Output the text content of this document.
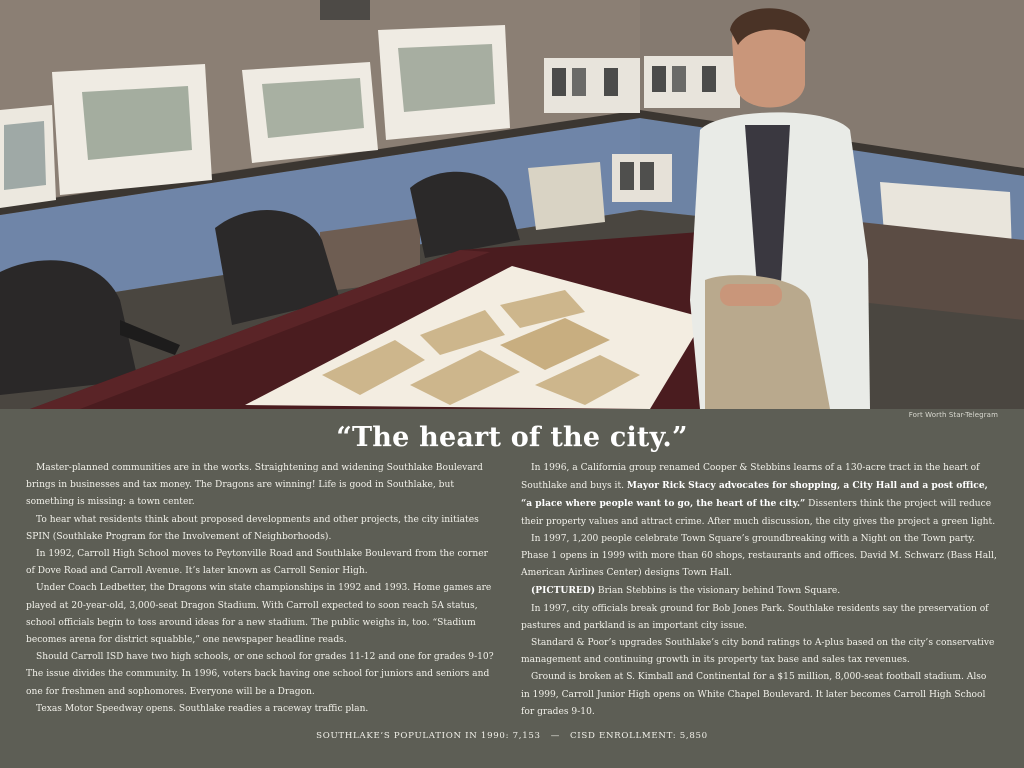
Fort Worth Star-Telegram
“The heart of the city.”

Master-planned communities are in the works. Straightening and widening Southlake Boulevard brings in businesses and tax money. The Dragons are winning! Life is good in Southlake, but something is missing: a town center.

To hear what residents think about proposed developments and other projects, the city initiates SPIN (Southlake Program for the Involvement of Neighborhoods).

In 1992, Carroll High School moves to Peytonville Road and Southlake Boulevard from the corner of Dove Road and Carroll Avenue. It’s later known as Carroll Senior High.

Under Coach Ledbetter, the Dragons win state championships in 1992 and 1993. Home games are played at 20-year-old, 3,000-seat Dragon Stadium. With Carroll expected to soon reach 5A status, school officials begin to toss around ideas for a new stadium. The public weighs in, too. “Stadium becomes arena for district squabble,” one newspaper headline reads.

Should Carroll ISD have two high schools, or one school for grades 11-12 and one for grades 9-10? The issue divides the community. In 1996, voters back having one school for juniors and seniors and one for freshmen and sophomores. Everyone will be a Dragon.

Texas Motor Speedway opens. Southlake readies a raceway traffic plan.

In 1996, a California group renamed Cooper & Stebbins learns of a 130-acre tract in the heart of Southlake and buys it. Mayor Rick Stacy advocates for shopping, a City Hall and a post office, “a place where people want to go, the heart of the city.” Dissenters think the project will reduce their property values and attract crime. After much discussion, the city gives the project a green light.

In 1997, 1,200 people celebrate Town Square’s groundbreaking with a Night on the Town party. Phase 1 opens in 1999 with more than 60 shops, restaurants and offices. David M. Schwarz (Bass Hall, American Airlines Center) designs Town Hall.

(PICTURED) Brian Stebbins is the visionary behind Town Square.

In 1997, city officials break ground for Bob Jones Park. Southlake residents say the preservation of pastures and parkland is an important city issue.

Standard & Poor’s upgrades Southlake’s city bond ratings to A-plus based on the city’s conservative management and continuing growth in its property tax base and sales tax revenues.

Ground is broken at S. Kimball and Continental for a $15 million, 8,000-seat football stadium. Also in 1999, Carroll Junior High opens on White Chapel Boulevard. It later becomes Carroll High School for grades 9-10.

SOUTHLAKE’S POPULATION IN 1990: 7,153 — CISD ENROLLMENT: 5,850
